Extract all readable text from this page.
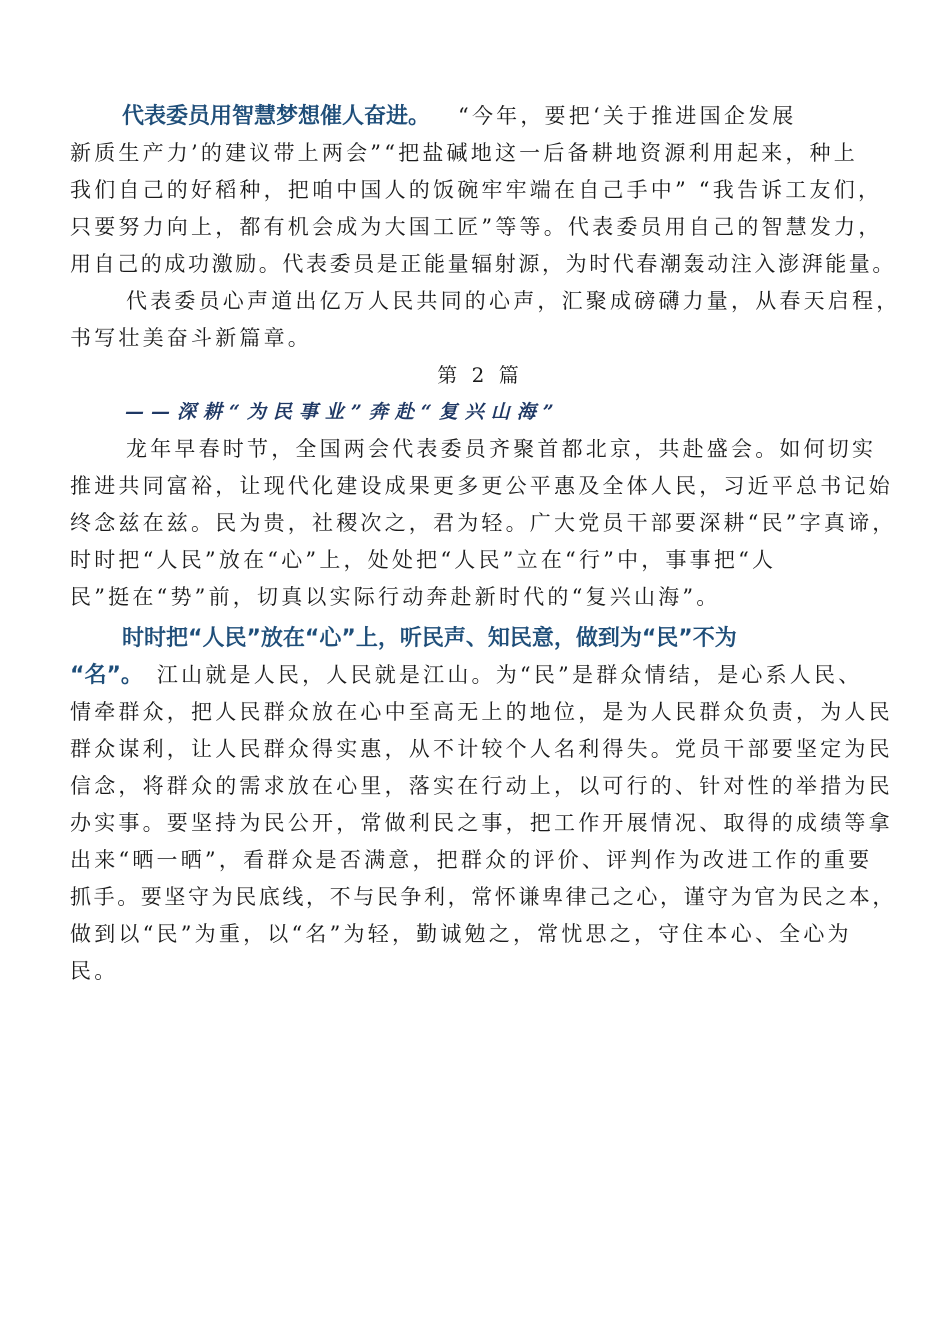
代表委员用智慧梦想催人奋进。 “今年，要把‘关于推进国企发展
新质生产力’的建议带上两会”“把盐碱地这一后备耕地资源利用起来，种上
我们自己的好稻种，把咱中国人的饭碗牢牢端在自己手中” “我告诉工友们，
只要努力向上，都有机会成为大国工匠”等等。代表委员用自己的智慧发力，
用自己的成功激励。代表委员是正能量辐射源，为时代春潮轰动注入澎湃能量。
代表委员心声道出亿万人民共同的心声，汇聚成磅礴力量，从春天启程，
书写壮美奋斗新篇章。
第 2 篇
——深耕“为民事业”奔赴“复兴山海”
龙年早春时节，全国两会代表委员齐聚首都北京，共赴盛会。如何切实
推进共同富裕，让现代化建设成果更多更公平惠及全体人民，习近平总书记始
终念兹在兹。民为贵，社稷次之，君为轻。广大党员干部要深耕“民”字真谛，
时时把“人民”放在“心”上，处处把“人民”立在“行”中，事事把“人
民”挺在“势”前，切真以实际行动奔赴新时代的“复兴山海”。
时时把“人民”放在“心”上，听民声、知民意，做到为“民”不为
“名”。 江山就是人民，人民就是江山。为“民”是群众情结，是心系人民、
情牵群众，把人民群众放在心中至高无上的地位，是为人民群众负责，为人民
群众谋利，让人民群众得实惠，从不计较个人名利得失。党员干部要坚定为民
信念，将群众的需求放在心里，落实在行动上，以可行的、针对性的举措为民
办实事。要坚持为民公开，常做利民之事，把工作开展情况、取得的成绩等拿
出来“晒一晒”，看群众是否满意，把群众的评价、评判作为改进工作的重要
抓手。要坚守为民底线，不与民争利，常怀谦卑律己之心，谨守为官为民之本，
做到以“民”为重，以“名”为轻，勤诚勉之，常忧思之，守住本心、全心为
民。
